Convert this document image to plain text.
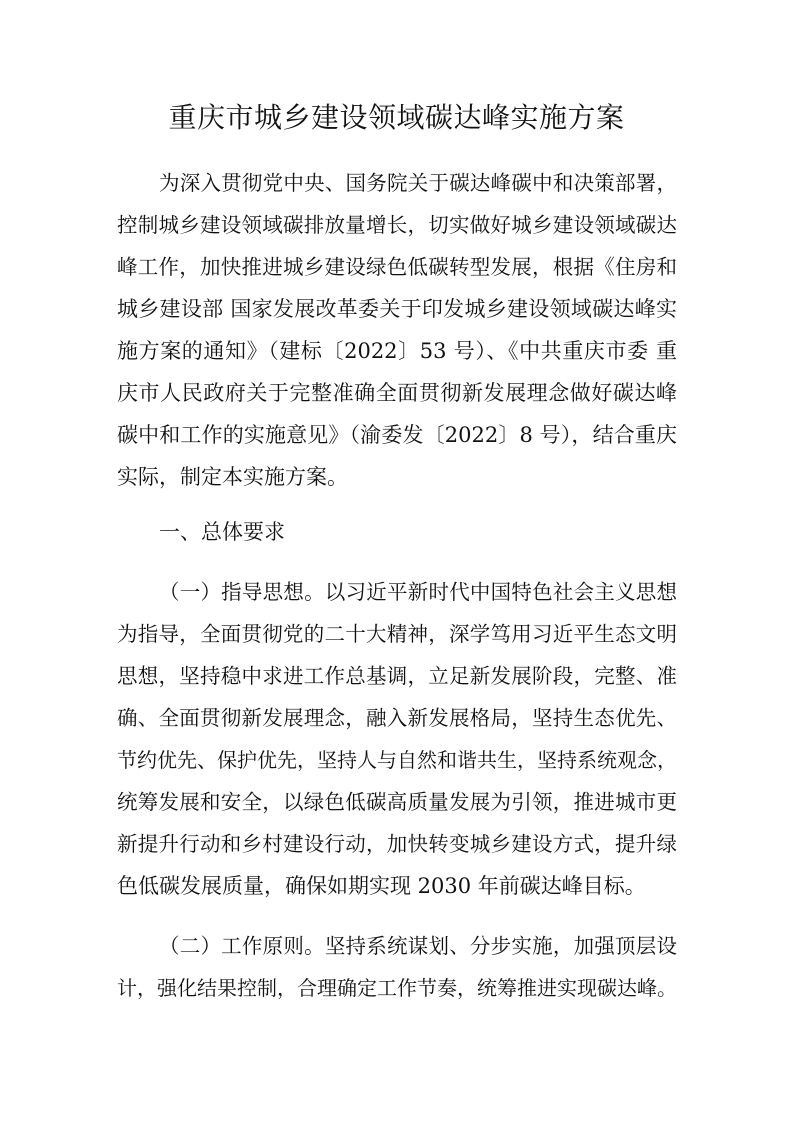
重庆市城乡建设领域碳达峰实施方案

为深入贯彻党中央、国务院关于碳达峰碳中和决策部署，

控制城乡建设领域碳排放量增长，切实做好城乡建设领域碳达

峰工作，加快推进城乡建设绿色低碳转型发展，根据《住房和

城乡建设部 国家发展改革委关于印发城乡建设领域碳达峰实

施方案的通知》（建标〔2022〕53 号）、《中共重庆市委 重

庆市人民政府关于完整准确全面贯彻新发展理念做好碳达峰

碳中和工作的实施意见》（渝委发〔2022〕8 号），结合重庆

实际，制定本实施方案。

一、总体要求

（一）指导思想。以习近平新时代中国特色社会主义思想

为指导，全面贯彻党的二十大精神，深学笃用习近平生态文明

思想，坚持稳中求进工作总基调，立足新发展阶段，完整、准

确、全面贯彻新发展理念，融入新发展格局，坚持生态优先、

节约优先、保护优先，坚持人与自然和谐共生，坚持系统观念，

统筹发展和安全，以绿色低碳高质量发展为引领，推进城市更

新提升行动和乡村建设行动，加快转变城乡建设方式，提升绿

色低碳发展质量，确保如期实现 2030 年前碳达峰目标。

（二）工作原则。坚持系统谋划、分步实施，加强顶层设

计，强化结果控制，合理确定工作节奏，统筹推进实现碳达峰。
